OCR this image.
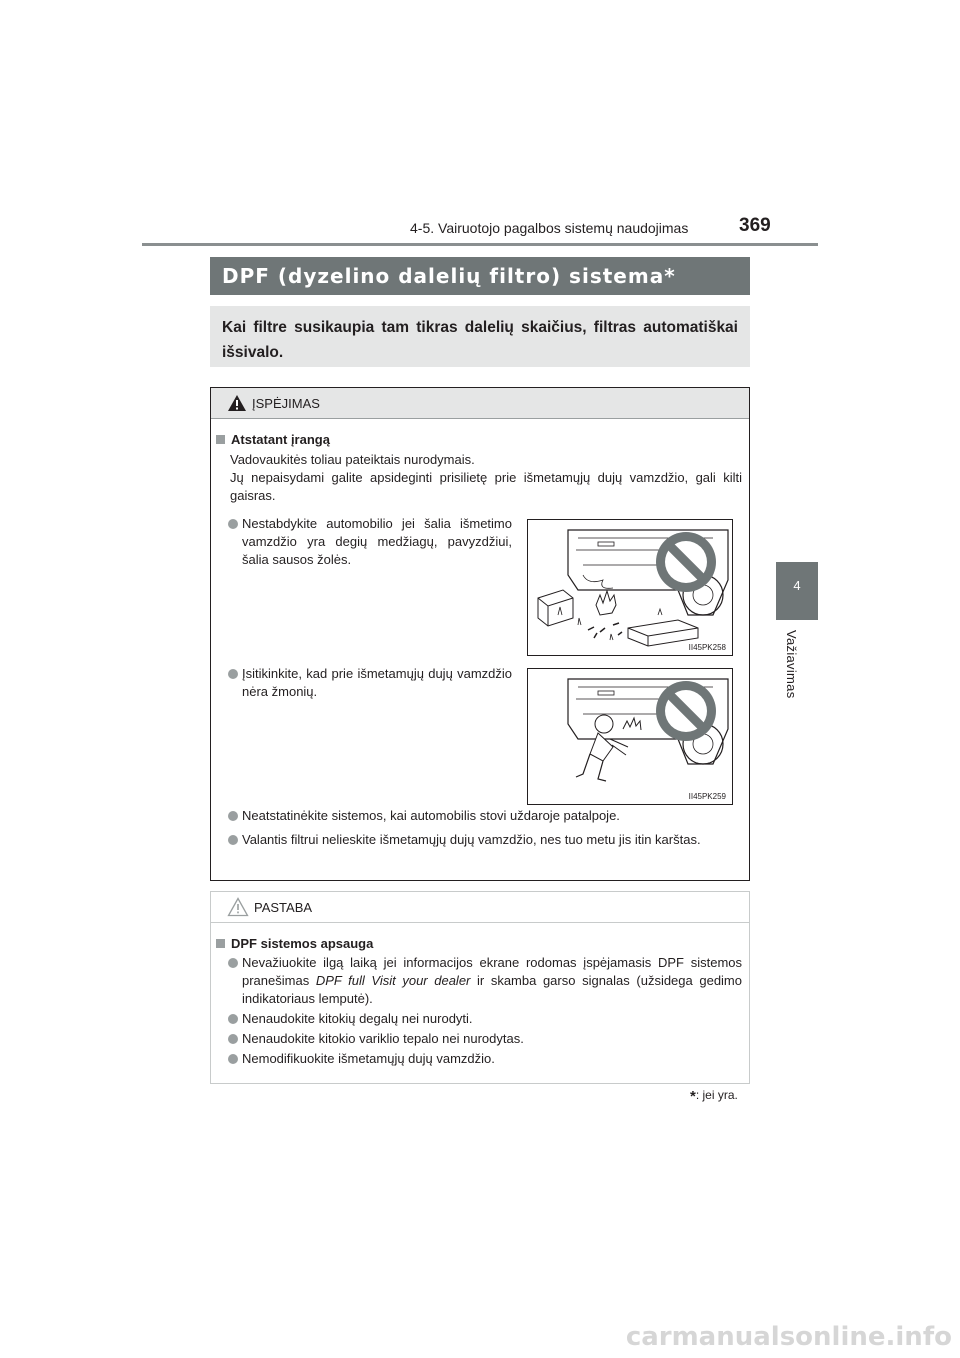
4-5. Vairuotojo pagalbos sistemų naudojimas	369
4
Važiavimas
DPF (dyzelino dalelių filtro) sistema*
Kai filtre susikaupia tam tikras dalelių skaičius, filtras automatiškai išsivalo.
ĮSPĖJIMAS
Atstatant įrangą
Vadovaukitės toliau pateiktais nurodymais.
Jų nepaisydami galite apsideginti prisilietę prie išmetamųjų dujų vamzdžio, gali kilti gaisras.
Nestabdykite automobilio jei šalia išmetimo vamzdžio yra degių medžiagų, pavyzdžiui, šalia sausos žolės.
II45PK258
Įsitikinkite, kad prie išmetamųjų dujų vamzdžio nėra žmonių.
II45PK259
Neatstatinėkite sistemos, kai automobilis stovi uždaroje patalpoje.
Valantis filtrui nelieskite išmetamųjų dujų vamzdžio, nes tuo metu jis itin karštas.
PASTABA
DPF sistemos apsauga
Nevažiuokite ilgą laiką jei informacijos ekrane rodomas įspėjamasis DPF sistemos pranešimas DPF full Visit your dealer ir skamba garso signalas (užsidega gedimo indikatoriaus lemputė).
Nenaudokite kitokių degalų nei nurodyti.
Nenaudokite kitokio variklio tepalo nei nurodytas.
Nemodifikuokite išmetamųjų dujų vamzdžio.
*: jei yra.
carmanualsonline.info
